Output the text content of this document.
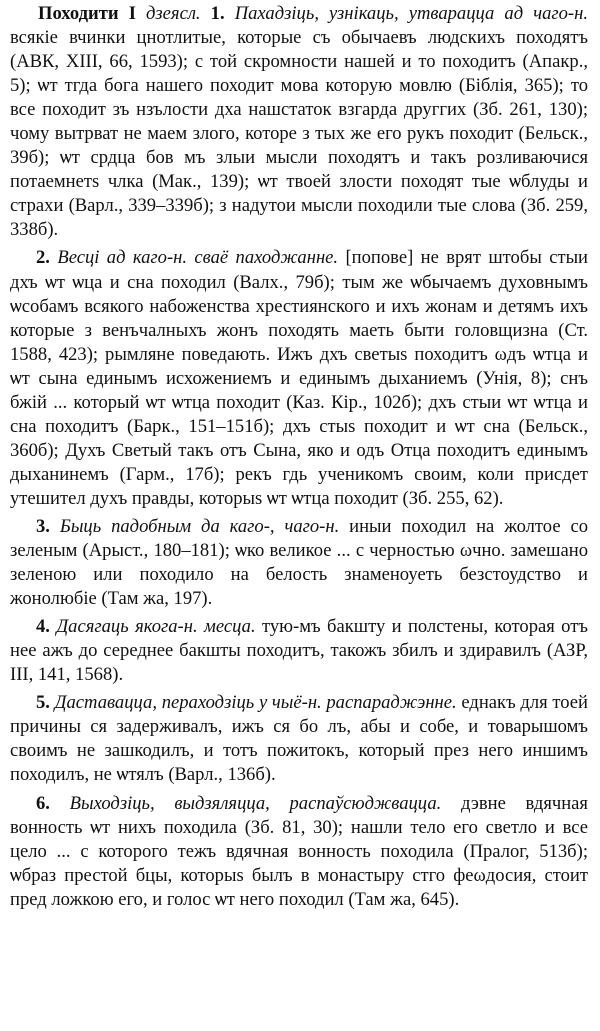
Походити I дзеясл. 1. Пахадзіць, узнікаць, утварацца ад чаго-н. всякіе вчинки цнотлитые, которые съ обычаевъ людскихъ походятъ (АВК, XIII, 66, 1593); с той скромности нашей и то походитъ (Апакр., 5); ѡт тгда бога нашего походит мова которую мовлю (Біблія, 365); то все походит зъ нзълости дха нашстаток взгарда друггих (Зб. 261, 130); чому вытрват не маем злого, которе з тых же его рукъ походит (Бельск., 39б); ѡт срдца бов мъ злыи мысли походятъ и такъ розливаючися потаемнетs члка (Мак., 139); ѡт твоей злости походят тые ѡблуды и страхи (Варл., 339–339б); з надутои мысли походили тые слова (Зб. 259, 338б).

2. Весці ад каго-н. сваё паходжанне. [попове] не врят штобы стыи дхъ ѡт ѡца и сна походил (Валх., 79б); тым же ѡбычаемъ духовнымъ ѡсобамъ всякого набоженства хрестиянского и ихъ жонам и детямъ ихъ которые з венъчалныхъ жонъ походять маеть быти головщизна (Ст. 1588, 423); рымляне поведають. Ижъ дхъ светыs походитъ ωдъ ѡтца и ѡт сына единымъ исхожениемъ и единымъ дыханиемъ (Унія, 8); снъ бжій ... который ѡт ѡтца походит (Каз. Кір., 102б); дхъ стыи ѡт ѡтца и сна походитъ (Барк., 151–151б); дхъ стыs походит и ѡт сна (Бельск., 360б); Духъ Светый такъ отъ Сына, яко и одъ Отца походитъ единымъ дыханинемъ (Гарм., 17б); рекъ гдь ученикомъ своим, коли присдет утешител духъ правды, которыs ѡт ѡтца походит (Зб. 255, 62).

3. Быць падобным да каго-, чаго-н. иныи походил на жолтое со зеленым (Арыст., 180–181); ѡко великое ... с черностью ωчно. замешано зеленою или походило на белость знаменоуеть безстоудство и жонолюбіе (Там жа, 197).

4. Дасягаць якога-н. месца. тую-мъ бакшту и полстены, которая отъ нее ажъ до середнее бакшты походитъ, такожъ збилъ и здиравилъ (АЗР, III, 141, 1568).

5. Даставацца, пераходзіць у чыё-н. распараджэнне. еднакъ для тоей причины ся задерживалъ, ижъ ся бо лъ, абы и собе, и товарышомъ своимъ не зашкодилъ, и тотъ пожитокъ, который през него иншимъ походилъ, не ѡтялъ (Варл., 136б).

6. Выходзіць, выдзяляцца, распаўсюджвацца. дэвне вдячная вонность ѡт нихъ походила (Зб. 81, 30); нашли тело его светло и все цело ... с которого тежъ вдячная вонность походила (Пралог, 513б); ѡбраз престой бцы, которыs былъ в монастыру стго феωдосия, стоит пред ложкою его, и голос ѡт него походил (Там жа, 645).
